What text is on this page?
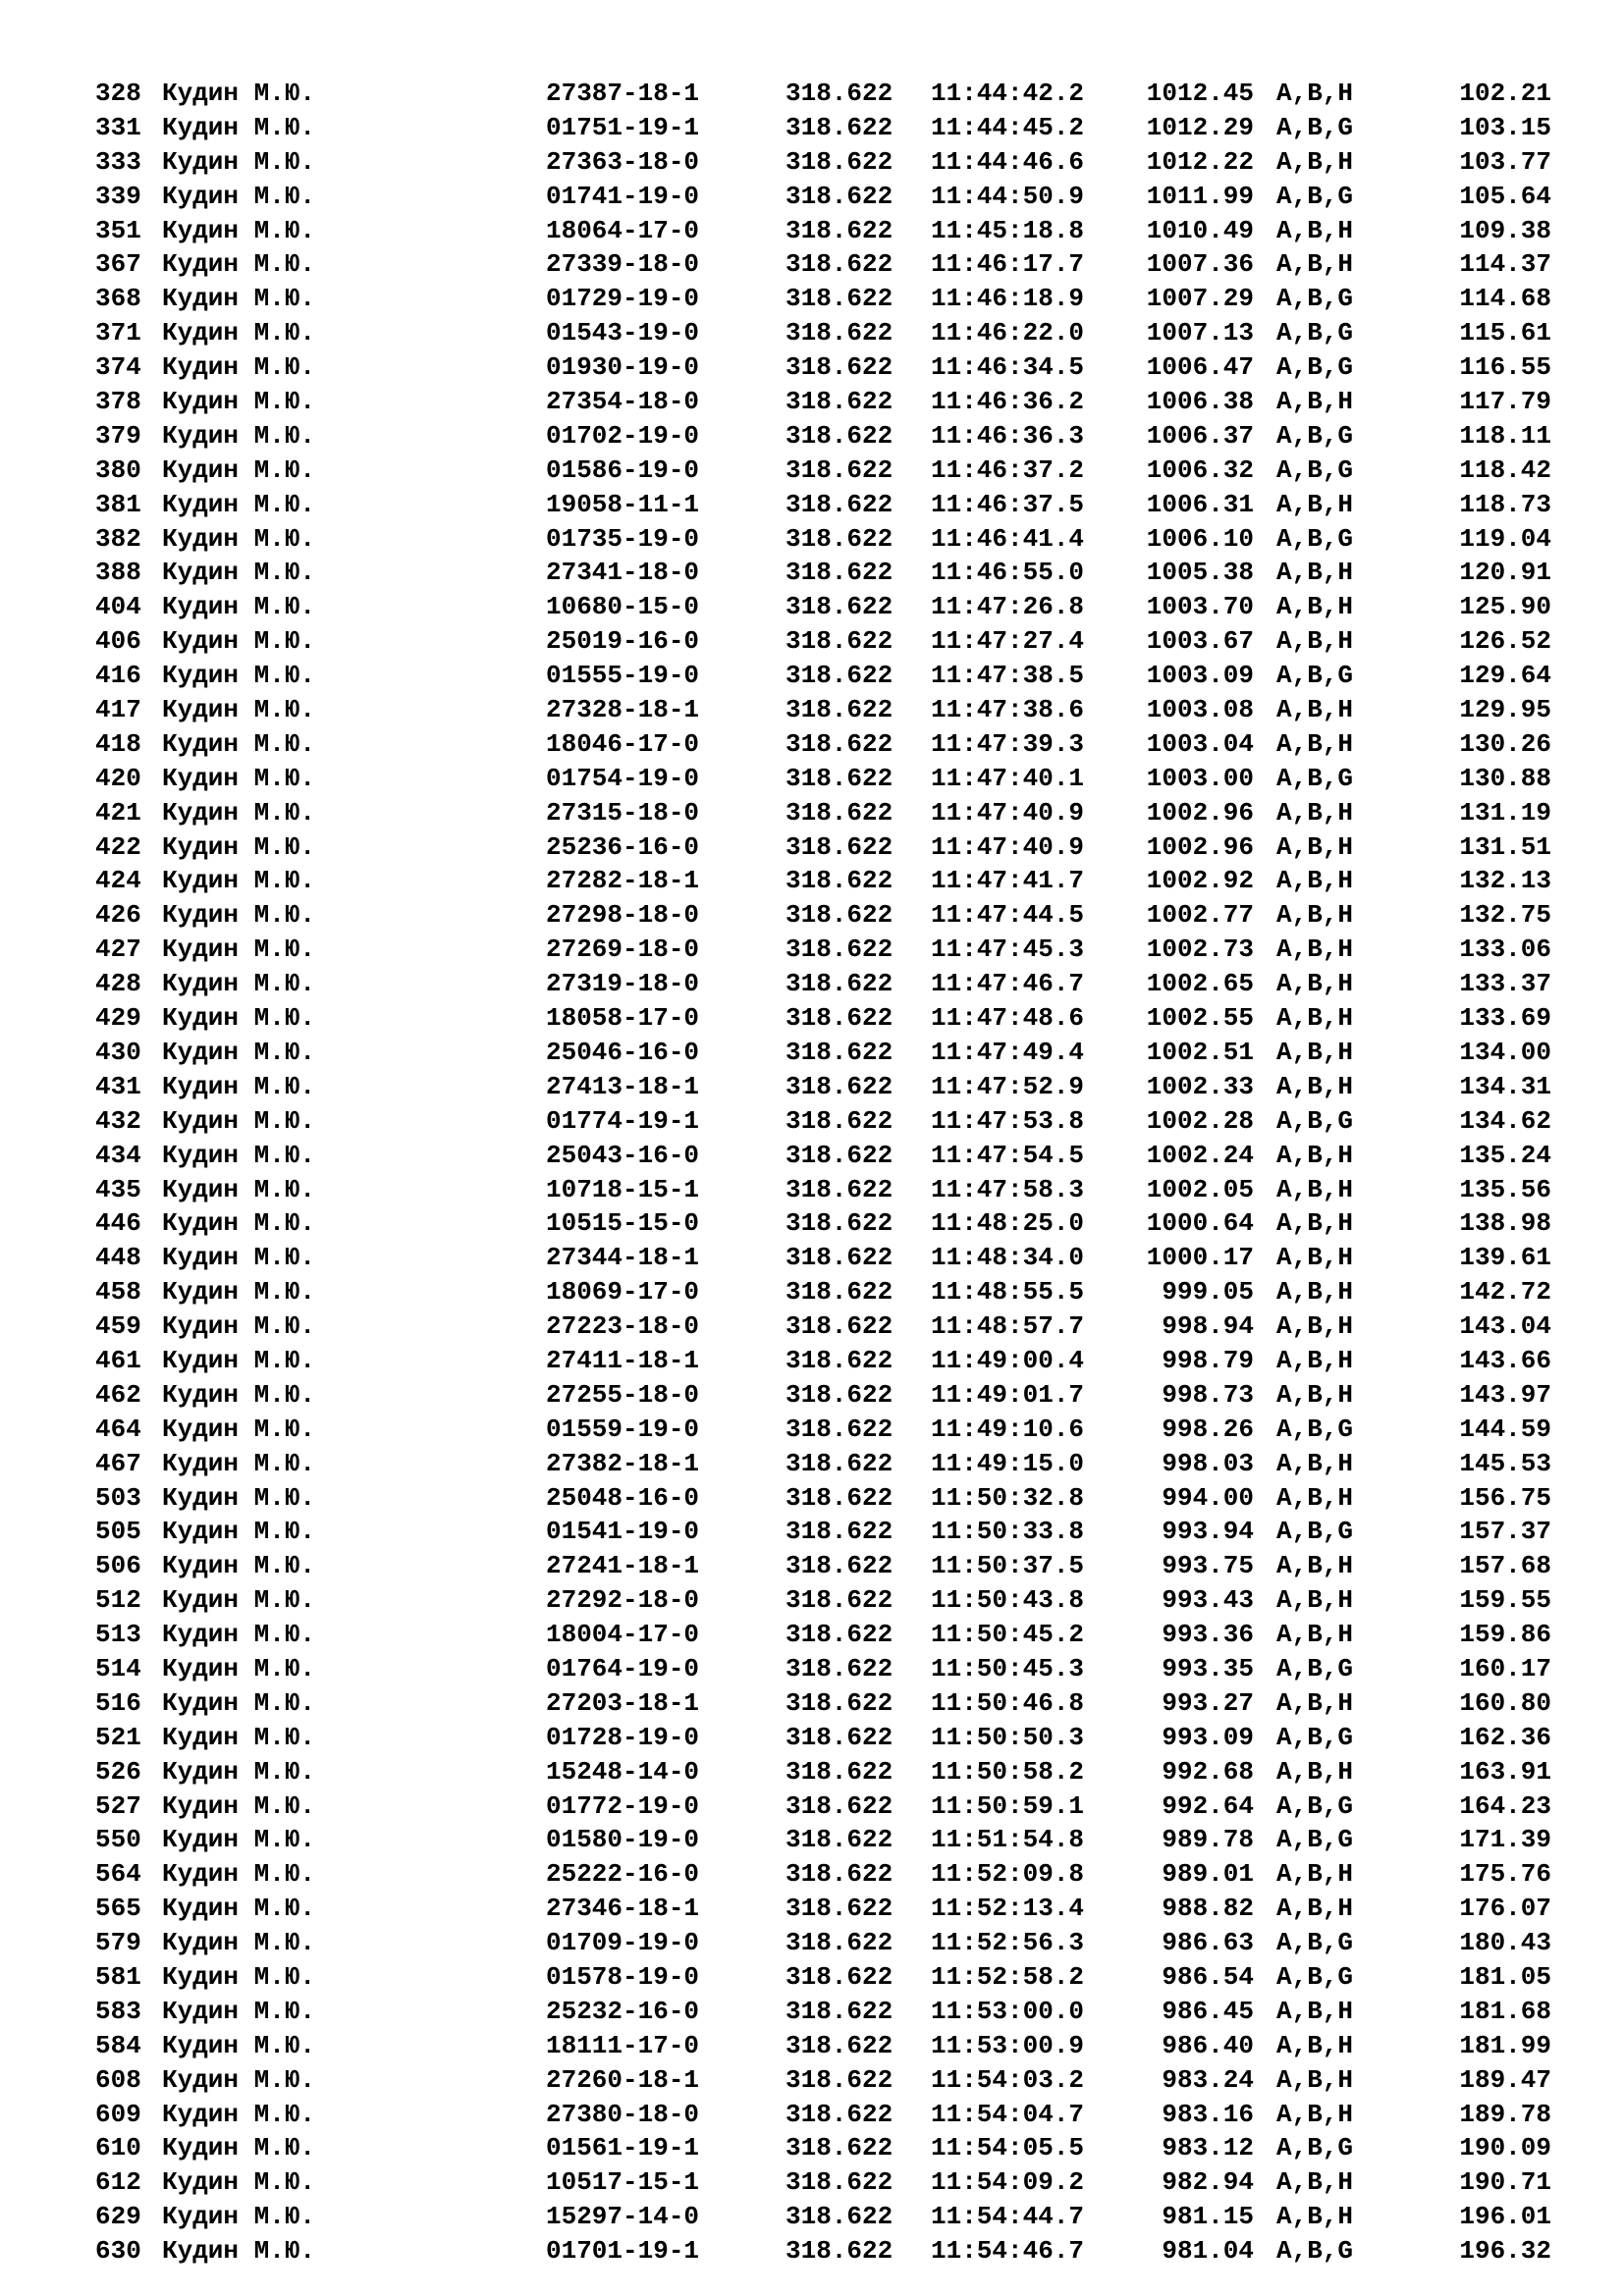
328 Кудин М.Ю.	27387-18-1	318.622 11:44:42.2	1012.45 A,B,H	102.21
331 Кудин М.Ю.	01751-19-1	318.622 11:44:45.2	1012.29 A,B,G	103.15
333 Кудин М.Ю.	27363-18-0	318.622 11:44:46.6	1012.22 A,B,H	103.77
339 Кудин М.Ю.	01741-19-0	318.622 11:44:50.9	1011.99 A,B,G	105.64
351 Кудин М.Ю.	18064-17-0	318.622 11:45:18.8	1010.49 A,B,H	109.38
367 Кудин М.Ю.	27339-18-0	318.622 11:46:17.7	1007.36 A,B,H	114.37
368 Кудин М.Ю.	01729-19-0	318.622 11:46:18.9	1007.29 A,B,G	114.68
371 Кудин М.Ю.	01543-19-0	318.622 11:46:22.0	1007.13 A,B,G	115.61
374 Кудин М.Ю.	01930-19-0	318.622 11:46:34.5	1006.47 A,B,G	116.55
378 Кудин М.Ю.	27354-18-0	318.622 11:46:36.2	1006.38 A,B,H	117.79
379 Кудин М.Ю.	01702-19-0	318.622 11:46:36.3	1006.37 A,B,G	118.11
380 Кудин М.Ю.	01586-19-0	318.622 11:46:37.2	1006.32 A,B,G	118.42
381 Кудин М.Ю.	19058-11-1	318.622 11:46:37.5	1006.31 A,B,H	118.73
382 Кудин М.Ю.	01735-19-0	318.622 11:46:41.4	1006.10 A,B,G	119.04
388 Кудин М.Ю.	27341-18-0	318.622 11:46:55.0	1005.38 A,B,H	120.91
404 Кудин М.Ю.	10680-15-0	318.622 11:47:26.8	1003.70 A,B,H	125.90
406 Кудин М.Ю.	25019-16-0	318.622 11:47:27.4	1003.67 A,B,H	126.52
416 Кудин М.Ю.	01555-19-0	318.622 11:47:38.5	1003.09 A,B,G	129.64
417 Кудин М.Ю.	27328-18-1	318.622 11:47:38.6	1003.08 A,B,H	129.95
418 Кудин М.Ю.	18046-17-0	318.622 11:47:39.3	1003.04 A,B,H	130.26
420 Кудин М.Ю.	01754-19-0	318.622 11:47:40.1	1003.00 A,B,G	130.88
421 Кудин М.Ю.	27315-18-0	318.622 11:47:40.9	1002.96 A,B,H	131.19
422 Кудин М.Ю.	25236-16-0	318.622 11:47:40.9	1002.96 A,B,H	131.51
424 Кудин М.Ю.	27282-18-1	318.622 11:47:41.7	1002.92 A,B,H	132.13
426 Кудин М.Ю.	27298-18-0	318.622 11:47:44.5	1002.77 A,B,H	132.75
427 Кудин М.Ю.	27269-18-0	318.622 11:47:45.3	1002.73 A,B,H	133.06
428 Кудин М.Ю.	27319-18-0	318.622 11:47:46.7	1002.65 A,B,H	133.37
429 Кудин М.Ю.	18058-17-0	318.622 11:47:48.6	1002.55 A,B,H	133.69
430 Кудин М.Ю.	25046-16-0	318.622 11:47:49.4	1002.51 A,B,H	134.00
431 Кудин М.Ю.	27413-18-1	318.622 11:47:52.9	1002.33 A,B,H	134.31
432 Кудин М.Ю.	01774-19-1	318.622 11:47:53.8	1002.28 A,B,G	134.62
434 Кудин М.Ю.	25043-16-0	318.622 11:47:54.5	1002.24 A,B,H	135.24
435 Кудин М.Ю.	10718-15-1	318.622 11:47:58.3	1002.05 A,B,H	135.56
446 Кудин М.Ю.	10515-15-0	318.622 11:48:25.0	1000.64 A,B,H	138.98
448 Кудин М.Ю.	27344-18-1	318.622 11:48:34.0	1000.17 A,B,H	139.61
458 Кудин М.Ю.	18069-17-0	318.622 11:48:55.5	999.05 A,B,H	142.72
459 Кудин М.Ю.	27223-18-0	318.622 11:48:57.7	998.94 A,B,H	143.04
461 Кудин М.Ю.	27411-18-1	318.622 11:49:00.4	998.79 A,B,H	143.66
462 Кудин М.Ю.	27255-18-0	318.622 11:49:01.7	998.73 A,B,H	143.97
464 Кудин М.Ю.	01559-19-0	318.622 11:49:10.6	998.26 A,B,G	144.59
467 Кудин М.Ю.	27382-18-1	318.622 11:49:15.0	998.03 A,B,H	145.53
503 Кудин М.Ю.	25048-16-0	318.622 11:50:32.8	994.00 A,B,H	156.75
505 Кудин М.Ю.	01541-19-0	318.622 11:50:33.8	993.94 A,B,G	157.37
506 Кудин М.Ю.	27241-18-1	318.622 11:50:37.5	993.75 A,B,H	157.68
512 Кудин М.Ю.	27292-18-0	318.622 11:50:43.8	993.43 A,B,H	159.55
513 Кудин М.Ю.	18004-17-0	318.622 11:50:45.2	993.36 A,B,H	159.86
514 Кудин М.Ю.	01764-19-0	318.622 11:50:45.3	993.35 A,B,G	160.17
516 Кудин М.Ю.	27203-18-1	318.622 11:50:46.8	993.27 A,B,H	160.80
521 Кудин М.Ю.	01728-19-0	318.622 11:50:50.3	993.09 A,B,G	162.36
526 Кудин М.Ю.	15248-14-0	318.622 11:50:58.2	992.68 A,B,H	163.91
527 Кудин М.Ю.	01772-19-0	318.622 11:50:59.1	992.64 A,B,G	164.23
550 Кудин М.Ю.	01580-19-0	318.622 11:51:54.8	989.78 A,B,G	171.39
564 Кудин М.Ю.	25222-16-0	318.622 11:52:09.8	989.01 A,B,H	175.76
565 Кудин М.Ю.	27346-18-1	318.622 11:52:13.4	988.82 A,B,H	176.07
579 Кудин М.Ю.	01709-19-0	318.622 11:52:56.3	986.63 A,B,G	180.43
581 Кудин М.Ю.	01578-19-0	318.622 11:52:58.2	986.54 A,B,G	181.05
583 Кудин М.Ю.	25232-16-0	318.622 11:53:00.0	986.45 A,B,H	181.68
584 Кудин М.Ю.	18111-17-0	318.622 11:53:00.9	986.40 A,B,H	181.99
608 Кудин М.Ю.	27260-18-1	318.622 11:54:03.2	983.24 A,B,H	189.47
609 Кудин М.Ю.	27380-18-0	318.622 11:54:04.7	983.16 A,B,H	189.78
610 Кудин М.Ю.	01561-19-1	318.622 11:54:05.5	983.12 A,B,G	190.09
612 Кудин М.Ю.	10517-15-1	318.622 11:54:09.2	982.94 A,B,H	190.71
629 Кудин М.Ю.	15297-14-0	318.622 11:54:44.7	981.15 A,B,H	196.01
630 Кудин М.Ю.	01701-19-1	318.622 11:54:46.7	981.04 A,B,G	196.32
